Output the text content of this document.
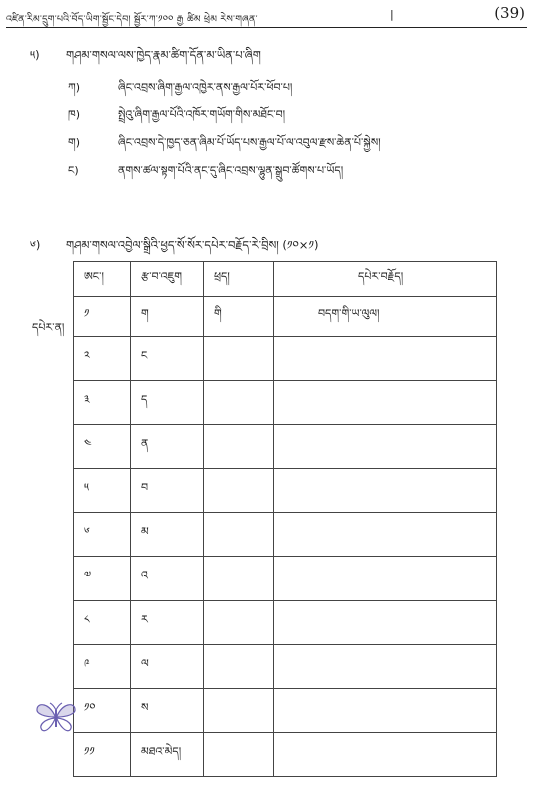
འཛིན་རིམ་དྲུག་པའི་བོད་ཡིག་སྦྱོང་དེབ། སྦྱོར་ཀ་༡༠༠ རྒྱ ཚིམ ཕྲེམ རེས་གཞན་	|	(39)
༥) གཤམ་གསལ་ལས་ཁྱེད་རྣམ་ཚིག་དོན་མ་ཡིན་པ་ཞིག
ཀ)	ཞིང་འབྲས་ཞིག་རྒྱལ་འཁྱེར་ནས་རྒྱལ་པོར་ཕོབ་པ།
ཁ)	སྤྲེའུ་ཞིག་རྒྱལ་པོའི་འཁོར་གཡོག་གིས་མཐོང་བ།
ག)	ཞིང་འབྲས་དེ་ཁྱད་ཅན་ཞིམ་པོ་ཡོད་པས་རྒྱལ་པོ་ལ་འབུལ་རྫས་ཆེན་པོ་སྐྱེས།
ང)	ནགས་ཚལ་སྟག་པོའི་ནང་དུ་ཞིང་འབྲས་ལྷུན་སྒྲུབ་ཚོགས་པ་ཡོད།
༦) གཤམ་གསལ་འབྱེལ་སྒྲིའི་ཕྱད་སོ་སོར་དཔེར་བརྗོད་རེ་བྲིས། (༡༠×༡)
དཔེར་ན།
ཨང་།	རྩ་བ་འཇུག	ཕྲད།	དཔེར་བརྗོད།
༡	ག	གི	བདག་གི་ཡ་ལུལ།
༢	ང		
༣	ད		
༤	ན		
༥	བ		
༦	མ		
༧	འ		
༨	ར		
༩	ལ		
༡༠	ས		
༡༡	མཐའ་མེད།		
